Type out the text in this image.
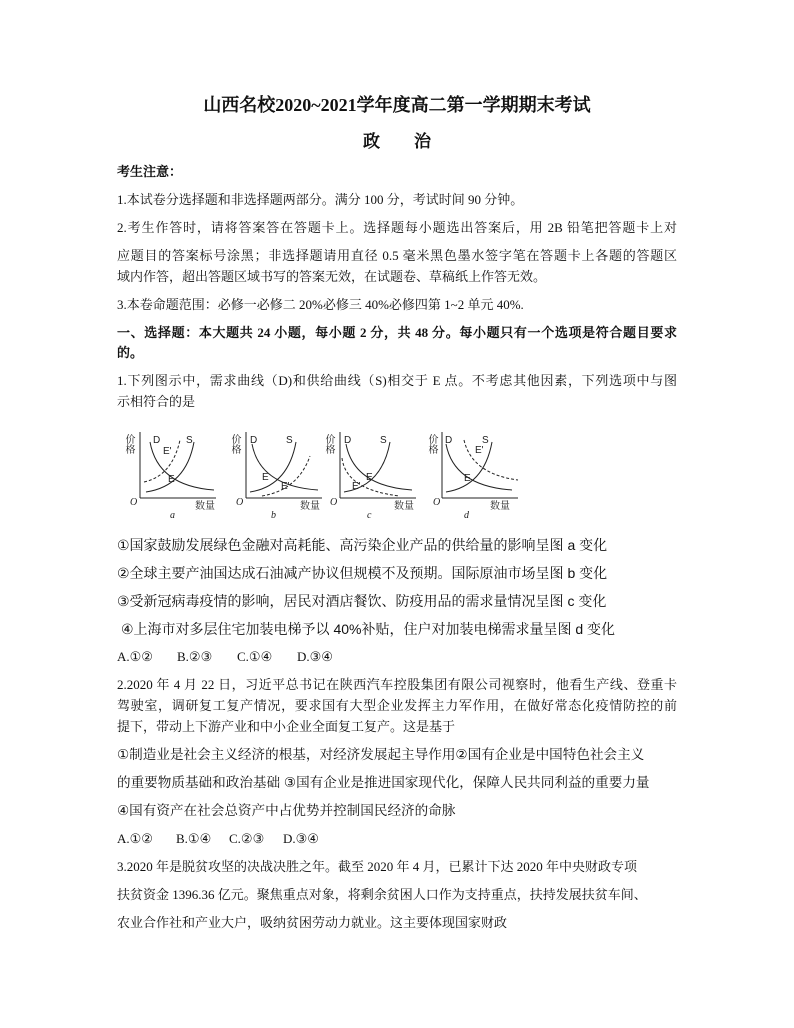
山西名校2020~2021学年度高二第一学期期末考试
政　　治
考生注意：
1.本试卷分选择题和非选择题两部分。满分 100 分，考试时间 90 分钟。
2.考生作答时，请将答案答在答题卡上。选择题每小题选出答案后，用 2B 铅笔把答题卡上对
应题目的答案标号涂黑；非选择题请用直径 0.5 毫米黑色墨水签字笔在答题卡上各题的答题区
域内作答，超出答题区域书写的答案无效，在试题卷、草稿纸上作答无效。
3.本卷命题范围：必修一必修二 20%必修三 40%必修四第 1~2 单元 40%.
一、选择题：本大题共 24 小题，每小题 2 分，共 48 分。每小题只有一个选项是符合题目要求
的。
1.下列图示中，需求曲线（D)和供给曲线（S)相交于 E 点。不考虑其他因素，下列选项中与图
示相符合的是
价格
O	数量
D	S
E'
E
a
价格
O	数量
D	S
E
E'
b
价格
O	数量
D	S
E
E'
c
价格
O	数量
D	S
E'
E
d
①国家鼓励发展绿色金融对高耗能、高污染企业产品的供给量的影响呈图 a 变化
②全球主要产油国达成石油减产协议但规模不及预期。国际原油市场呈图 b 变化
③受新冠病毒疫情的影响，居民对酒店餐饮、防疫用品的需求量情况呈图 c 变化
④上海市对多层住宅加装电梯予以 40%补贴，住户对加装电梯需求量呈图 d 变化
A.①② B.②③ C.①④ D.③④
2.2020 年 4 月 22 日，习近平总书记在陕西汽车控股集团有限公司视察时，他看生产线、登重卡
驾驶室，调研复工复产情况，要求国有大型企业发挥主力军作用，在做好常态化疫情防控的前
提下，带动上下游产业和中小企业全面复工复产。这是基于
①制造业是社会主义经济的根基，对经济发展起主导作用②国有企业是中国特色社会主义
的重要物质基础和政治基础 ③国有企业是推进国家现代化，保障人民共同利益的重要力量
④国有资产在社会总资产中占优势并控制国民经济的命脉
A.①② B.①④ C.②③ D.③④
3.2020 年是脱贫攻坚的决战决胜之年。截至 2020 年 4 月，已累计下达 2020 年中央财政专项
扶贫资金 1396.36 亿元。聚焦重点对象，将剩余贫困人口作为支持重点，扶持发展扶贫车间、
农业合作社和产业大户，吸纳贫困劳动力就业。这主要体现国家财政
